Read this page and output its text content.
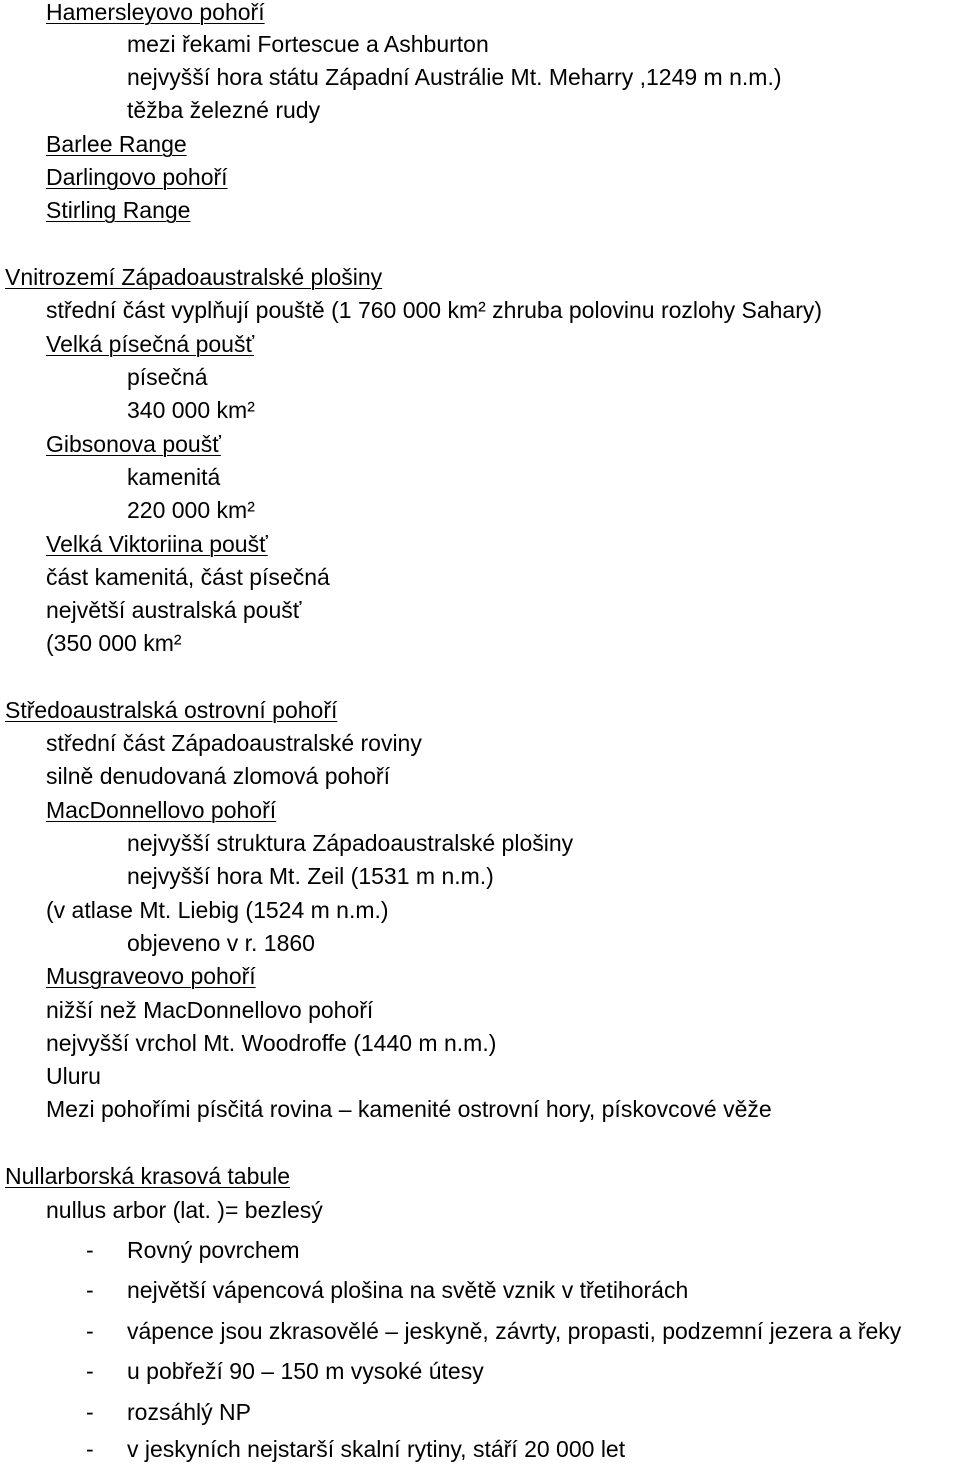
Hamersleyovo pohoří
mezi řekami Fortescue a Ashburton
nejvyšší hora státu Západní Austrálie Mt. Meharry ,1249 m n.m.)
těžba železné rudy
Barlee Range
Darlingovo pohoří
Stirling Range
Vnitrozemí Západoaustralské plošiny
střední část vyplňují pouště (1 760 000 km² zhruba polovinu rozlohy Sahary)
Velká písečná poušť
písečná
340 000 km²
Gibsonova poušť
kamenitá
220 000 km²
Velká Viktoriina poušť
část kamenitá, část písečná
největší australská poušť
(350 000 km²
Středoaustralská ostrovní pohoří
střední část Západoaustralské roviny
silně denudovaná zlomová pohoří
MacDonnellovo pohoří
nejvyšší struktura Západoaustralské plošiny
nejvyšší hora Mt. Zeil (1531 m n.m.)
(v atlase Mt. Liebig (1524 m n.m.)
objeveno v r. 1860
Musgraveovo pohoří
nižší než MacDonnellovo pohoří
nejvyšší vrchol Mt. Woodroffe (1440 m n.m.)
Uluru
Mezi pohořími písčitá rovina – kamenité ostrovní hory, pískovcové věže
Nullarborská krasová tabule
nullus arbor (lat. )= bezlesý
- Rovný povrchem
- největší vápencová plošina na světě vznik v třetihorách
- vápence jsou zkrasovělé – jeskyně, závrty, propasti, podzemní jezera a řeky
- u pobřeží 90 – 150 m vysoké útesy
- rozsáhlý NP
- v jeskyních nejstarší skalní rytiny, stáří 20 000 let
